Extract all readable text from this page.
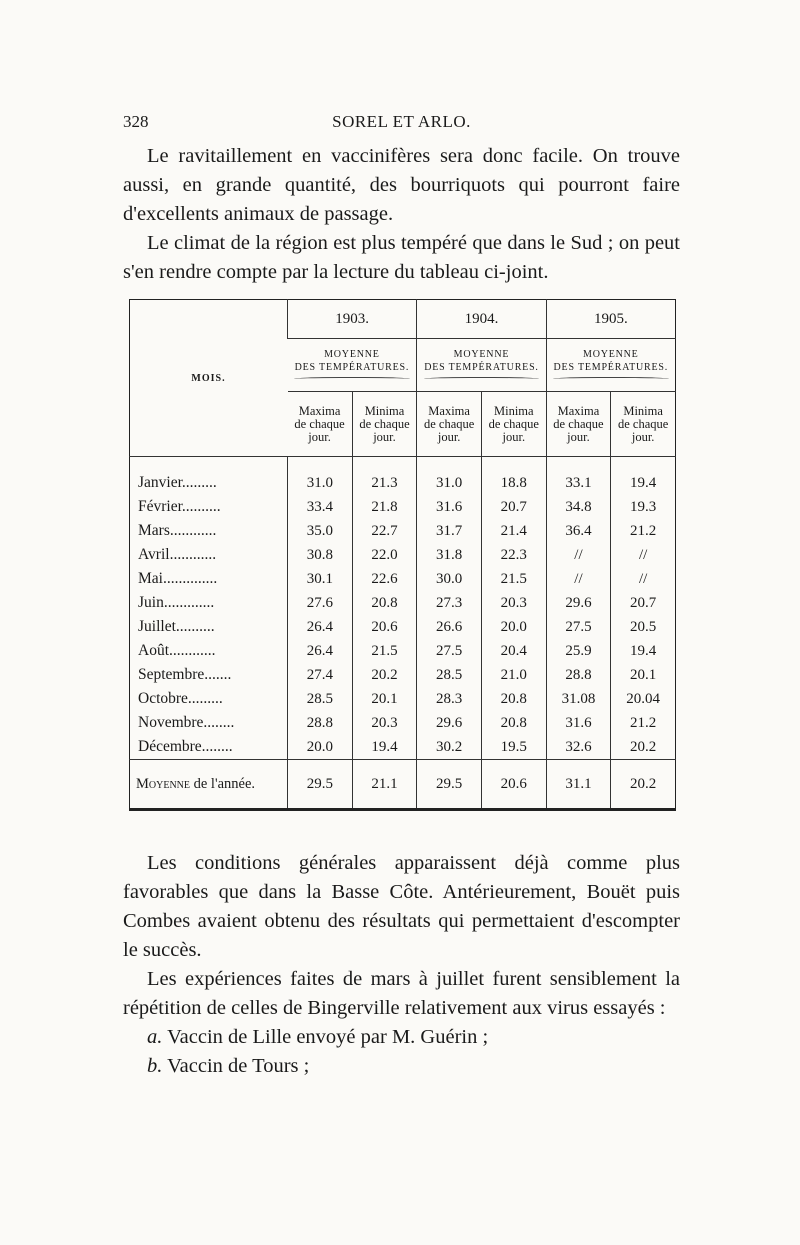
328	SOREL ET ARLO.

Le ravitaillement en vaccinifères sera donc facile. On trouve aussi, en grande quantité, des bourriquots qui pourront faire d'excellents animaux de passage.

Le climat de la région est plus tempéré que dans le Sud ; on peut s'en rendre compte par la lecture du tableau ci-joint.

MOIS.	1903.		1904.		1905.	
	MOYENNE
DES TEMPÉRATURES.		MOYENNE
DES TEMPÉRATURES.		MOYENNE
DES TEMPÉRATURES.	

	Maxima
de chaque
jour.	Minima
de chaque
jour.	Maxima
de chaque
jour.	Minima
de chaque
jour.	Maxima
de chaque
jour.	Minima
de chaque
jour.
Janvier.........	31.0	21.3	31.0	18.8	33.1	19.4
Février..........	33.4	21.8	31.6	20.7	34.8	19.3
Mars............	35.0	22.7	31.7	21.4	36.4	21.2
Avril............	30.8	22.0	31.8	22.3	//	//
Mai..............	30.1	22.6	30.0	21.5	//	//
Juin.............	27.6	20.8	27.3	20.3	29.6	20.7
Juillet..........	26.4	20.6	26.6	20.0	27.5	20.5
Août............	26.4	21.5	27.5	20.4	25.9	19.4
Septembre.......	27.4	20.2	28.5	21.0	28.8	20.1
Octobre.........	28.5	20.1	28.3	20.8	31.08	20.04
Novembre........	28.8	20.3	29.6	20.8	31.6	21.2
Décembre........	20.0	19.4	30.2	19.5	32.6	20.2
Moyenne de l'année.	29.5	21.1	29.5	20.6	31.1	20.2

Les conditions générales apparaissent déjà comme plus favorables que dans la Basse Côte. Antérieurement, Bouët puis Combes avaient obtenu des résultats qui permettaient d'escompter le succès.

Les expériences faites de mars à juillet furent sensiblement la répétition de celles de Bingerville relativement aux virus essayés :

a. Vaccin de Lille envoyé par M. Guérin ;

b. Vaccin de Tours ;
